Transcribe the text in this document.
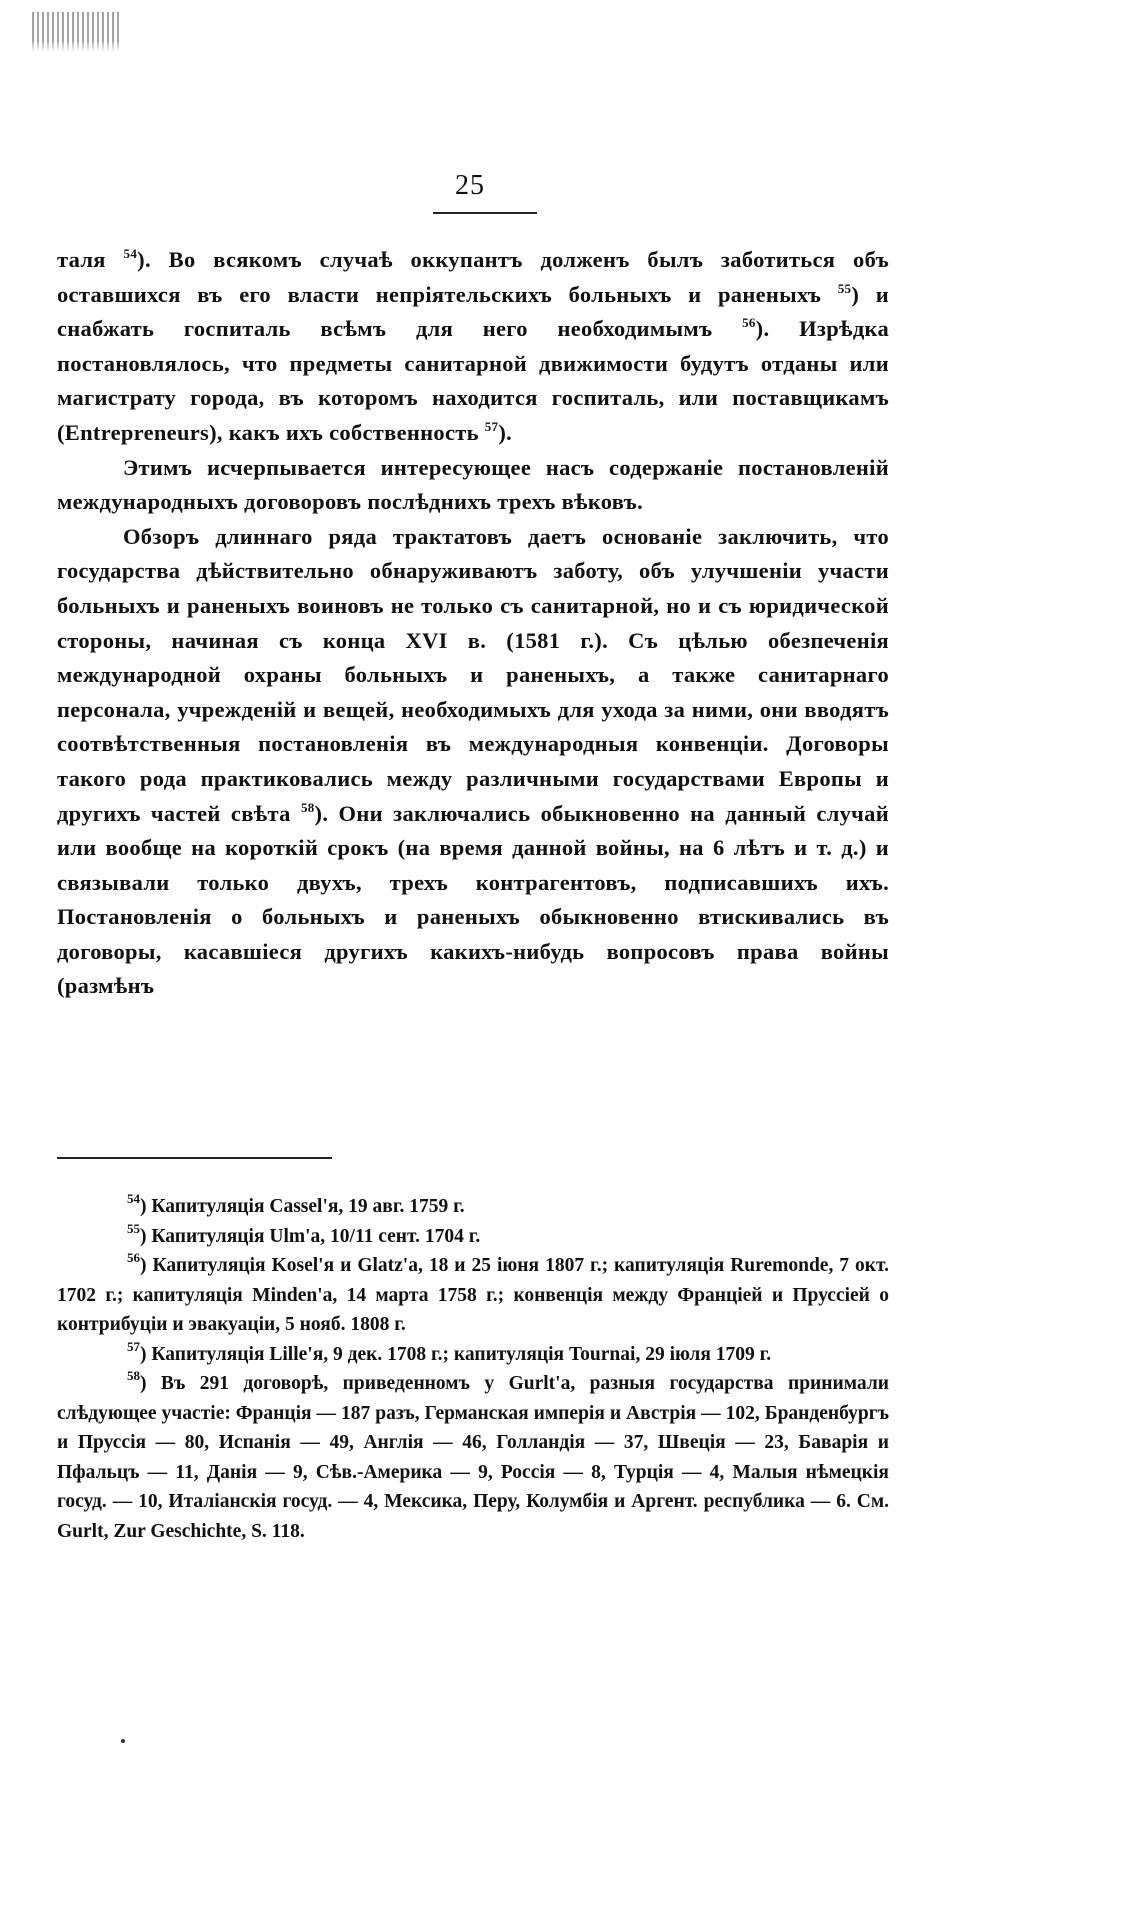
25

таля $^{54}$). Во всякомъ случаѣ оккупантъ долженъ былъ заботиться объ оставшихся въ его власти непріятельскихъ больныхъ и раненыхъ $^{55}$) и снабжать госпиталь всѣмъ для него необходимымъ $^{56}$). Изрѣдка постановлялось, что предметы санитарной движимости будутъ отданы или магистрату города, въ которомъ находится госпиталь, или поставщикамъ (Entrepreneurs), какъ ихъ собственность $^{57}$).

Этимъ исчерпывается интересующее насъ содержаніе постановленій международныхъ договоровъ послѣднихъ трехъ вѣковъ.

Обзоръ длиннаго ряда трактатовъ даетъ основаніе заключить, что государства дѣйствительно обнаруживаютъ заботу, объ улучшеніи участи больныхъ и раненыхъ воиновъ не только съ санитарной, но и съ юридической стороны, начиная съ конца XVI в. (1581 г.). Съ цѣлью обезпеченія международной охраны больныхъ и раненыхъ, а также санитарнаго персонала, учрежденій и вещей, необходимыхъ для ухода за ними, они вводятъ соотвѣтственныя постановленія въ международныя конвенціи. Договоры такого рода практиковались между различными государствами Европы и другихъ частей свѣта $^{58}$). Они заключались обыкновенно на данный случай или вообще на короткій срокъ (на время данной войны, на 6 лѣтъ и т. д.) и связывали только двухъ, трехъ контрагентовъ, подписавшихъ ихъ. Постановленія о больныхъ и раненыхъ обыкновенно втискивались въ договоры, касавшіеся другихъ какихъ-нибудь вопросовъ права войны (размѣнъ

$^{54}$) Капитуляція Cassel'я, 19 авг. 1759 г.

$^{55}$) Капитуляція Ulm'а, 10/11 сент. 1704 г.

$^{56}$) Капитуляція Kosel'я и Glatz'а, 18 и 25 іюня 1807 г.; капитуляція Ruremonde, 7 окт. 1702 г.; капитуляція Minden'а, 14 марта 1758 г.; конвенція между Франціей и Пруссіей о контрибуціи и эвакуаціи, 5 нояб. 1808 г.

$^{57}$) Капитуляція Lille'я, 9 дек. 1708 г.; капитуляція Tournai, 29 іюля 1709 г.

$^{58}$) Въ 291 договорѣ, приведенномъ у Gurlt'а, разныя государства принимали слѣдующее участіе: Франція — 187 разъ, Германская имперія и Австрія — 102, Бранденбургъ и Пруссія — 80, Испанія — 49, Англія — 46, Голландія — 37, Швеція — 23, Баварія и Пфальцъ — 11, Данія — 9, Сѣв.-Америка — 9, Россія — 8, Турція — 4, Малыя нѣмецкія госуд. — 10, Италіанскія госуд. — 4, Мексика, Перу, Колумбія и Аргент. республика — 6. См. Gurlt, Zur Geschichte, S. 118.
